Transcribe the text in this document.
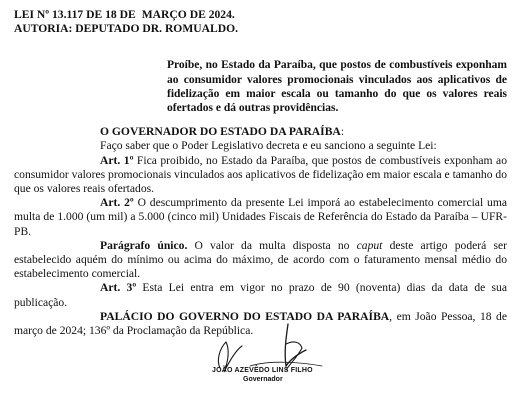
LEI Nº 13.117 DE 18 DE MARÇO DE 2024.
AUTORIA: DEPUTADO DR. ROMUALDO.
Proíbe, no Estado da Paraíba, que postos de combustíveis exponham ao consumidor valores promocionais vinculados aos aplicativos de fidelização em maior escala ou tamanho do que os valores reais ofertados e dá outras providências.
O GOVERNADOR DO ESTADO DA PARAÍBA:

Faço saber que o Poder Legislativo decreta e eu sanciono a seguinte Lei:

Art. 1º Fica proibido, no Estado da Paraíba, que postos de combustíveis exponham ao consumidor valores promocionais vinculados aos aplicativos de fidelização em maior escala e tamanho do que os valores reais ofertados.

Art. 2º O descumprimento da presente Lei imporá ao estabelecimento comercial uma multa de 1.000 (um mil) a 5.000 (cinco mil) Unidades Fiscais de Referência do Estado da Paraíba – UFR-PB.

Parágrafo único. O valor da multa disposta no caput deste artigo poderá ser estabelecido aquém do mínimo ou acima do máximo, de acordo com o faturamento mensal médio do estabelecimento comercial.

Art. 3º Esta Lei entra em vigor no prazo de 90 (noventa) dias da data de sua publicação.

PALÁCIO DO GOVERNO DO ESTADO DA PARAÍBA, em João Pessoa, 18 de março de 2024; 136º da Proclamação da República.

JOÃO AZEVÊDO LINS FILHO
Governador
